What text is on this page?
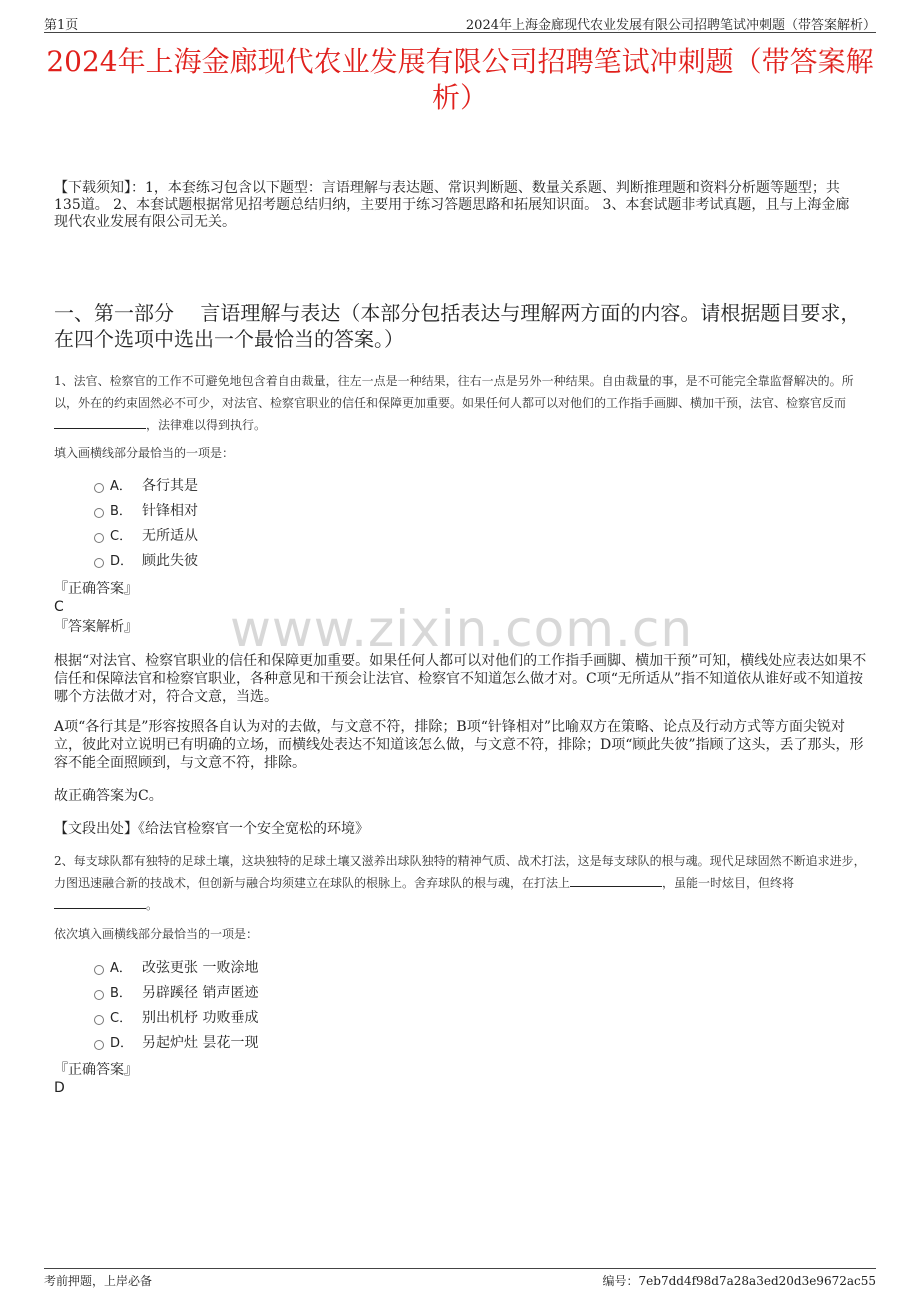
第1页	2024年上海金廊现代农业发展有限公司招聘笔试冲刺题（带答案解析）
2024年上海金廊现代农业发展有限公司招聘笔试冲刺题（带答案解析）
【下载须知】：1，本套练习包含以下题型：言语理解与表达题、常识判断题、数量关系题、判断推理题和资料分析题等题型；共135道。 2、本套试题根据常见招考题总结归纳，主要用于练习答题思路和拓展知识面。 3、本套试题非考试真题，且与上海金廊现代农业发展有限公司无关。
一、第一部分　 言语理解与表达（本部分包括表达与理解两方面的内容。请根据题目要求，在四个选项中选出一个最恰当的答案。）
www.zixin.com.cn
1、法官、检察官的工作不可避免地包含着自由裁量，往左一点是一种结果，往右一点是另外一种结果。自由裁量的事，是不可能完全靠监督解决的。所以，外在的约束固然必不可少，对法官、检察官职业的信任和保障更加重要。如果任何人都可以对他们的工作指手画脚、横加干预，法官、检察官反而，法律难以得到执行。
填入画横线部分最恰当的一项是：
A． 各行其是
B． 针锋相对
C． 无所适从
D． 顾此失彼
『正确答案』
C
『答案解析』
根据“对法官、检察官职业的信任和保障更加重要。如果任何人都可以对他们的工作指手画脚、横加干预”可知，横线处应表达如果不信任和保障法官和检察官职业，各种意见和干预会让法官、检察官不知道怎么做才对。C项“无所适从”指不知道依从谁好或不知道按哪个方法做才对，符合文意，当选。
A项“各行其是”形容按照各自认为对的去做，与文意不符，排除；B项“针锋相对”比喻双方在策略、论点及行动方式等方面尖锐对立，彼此对立说明已有明确的立场，而横线处表达不知道该怎么做，与文意不符，排除；D项“顾此失彼”指顾了这头，丢了那头，形容不能全面照顾到，与文意不符，排除。
故正确答案为C。
【文段出处】《给法官检察官一个安全宽松的环境》
2、每支球队都有独特的足球土壤，这块独特的足球土壤又滋养出球队独特的精神气质、战术打法，这是每支球队的根与魂。现代足球固然不断追求进步，力图迅速融合新的技战术，但创新与融合均须建立在球队的根脉上。舍弃球队的根与魂，在打法上	，虽能一时炫目，但终将。
依次填入画横线部分最恰当的一项是：
A． 改弦更张 一败涂地
B． 另辟蹊径 销声匿迹
C． 别出机杼 功败垂成
D． 另起炉灶 昙花一现
『正确答案』
D
考前押题，上岸必备	编号：7eb7dd4f98d7a28a3ed20d3e9672ac55
